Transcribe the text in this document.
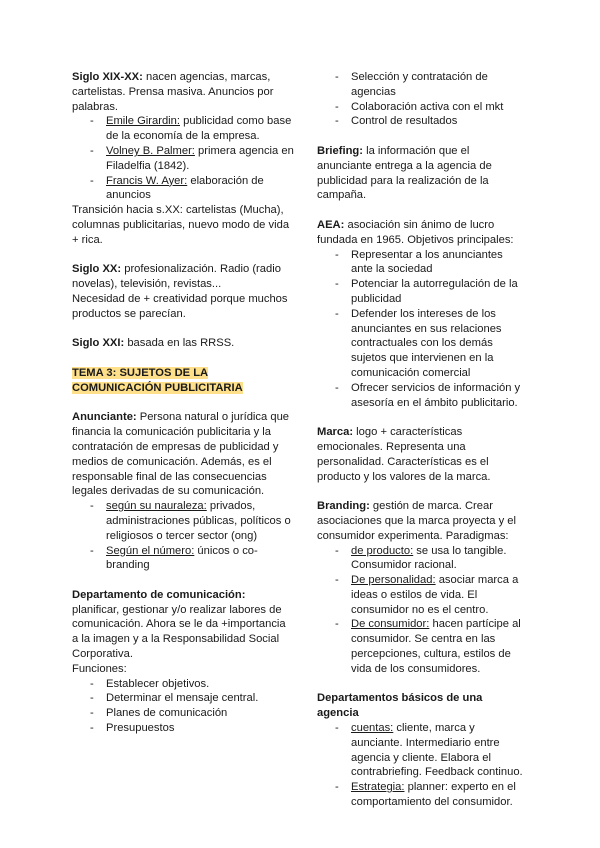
Siglo XIX-XX: nacen agencias, marcas, cartelistas. Prensa masiva. Anuncios por palabras.

- Emile Girardin: publicidad como base de la economía de la empresa.
- Volney B. Palmer: primera agencia en Filadelfia (1842).
- Francis W. Ayer: elaboración de anuncios

Transición hacia s.XX: cartelistas (Mucha), columnas publicitarias, nuevo modo de vida + rica.

Siglo XX: profesionalización. Radio (radio novelas), televisión, revistas...

Necesidad de + creatividad porque muchos productos se parecían.

Siglo XXI: basada en las RRSS.

TEMA 3: SUJETOS DE LA
COMUNICACIÓN PUBLICITARIA

Anunciante: Persona natural o jurídica que financia la comunicación publicitaria y la contratación de empresas de publicidad y medios de comunicación. Además, es el responsable final de las consecuencias legales derivadas de su comunicación.

- según su nauraleza: privados, administraciones públicas, políticos o religiosos o tercer sector (ong)
- Según el número: únicos o co-branding

Departamento de comunicación:

planificar, gestionar y/o realizar labores de comunicación. Ahora se le da +importancia a la imagen y a la Responsabilidad Social Corporativa.

Funciones:

- Establecer objetivos.
- Determinar el mensaje central.
- Planes de comunicación
- Presupuestos
- Selección y contratación de agencias
- Colaboración activa con el mkt
- Control de resultados

Briefing: la información que el anunciante entrega a la agencia de publicidad para la realización de la campaña.

AEA: asociación sin ánimo de lucro fundada en 1965. Objetivos principales:

- Representar a los anunciantes ante la sociedad
- Potenciar la autorregulación de la publicidad
- Defender los intereses de los anunciantes en sus relaciones contractuales con los demás sujetos que intervienen en la comunicación comercial
- Ofrecer servicios de información y asesoría en el ámbito publicitario.

Marca: logo + características emocionales. Representa una personalidad. Características es el producto y los valores de la marca.

Branding: gestión de marca. Crear asociaciones que la marca proyecta y el consumidor experimenta. Paradigmas:

- de producto: se usa lo tangible. Consumidor racional.
- De personalidad: asociar marca a ideas o estilos de vida. El consumidor no es el centro.
- De consumidor: hacen partícipe al consumidor. Se centra en las percepciones, cultura, estilos de vida de los consumidores.

Departamentos básicos de una agencia

- cuentas: cliente, marca y aunciante. Intermediario entre agencia y cliente. Elabora el contrabriefing. Feedback continuo.
- Estrategia: planner: experto en el comportamiento del consumidor.
